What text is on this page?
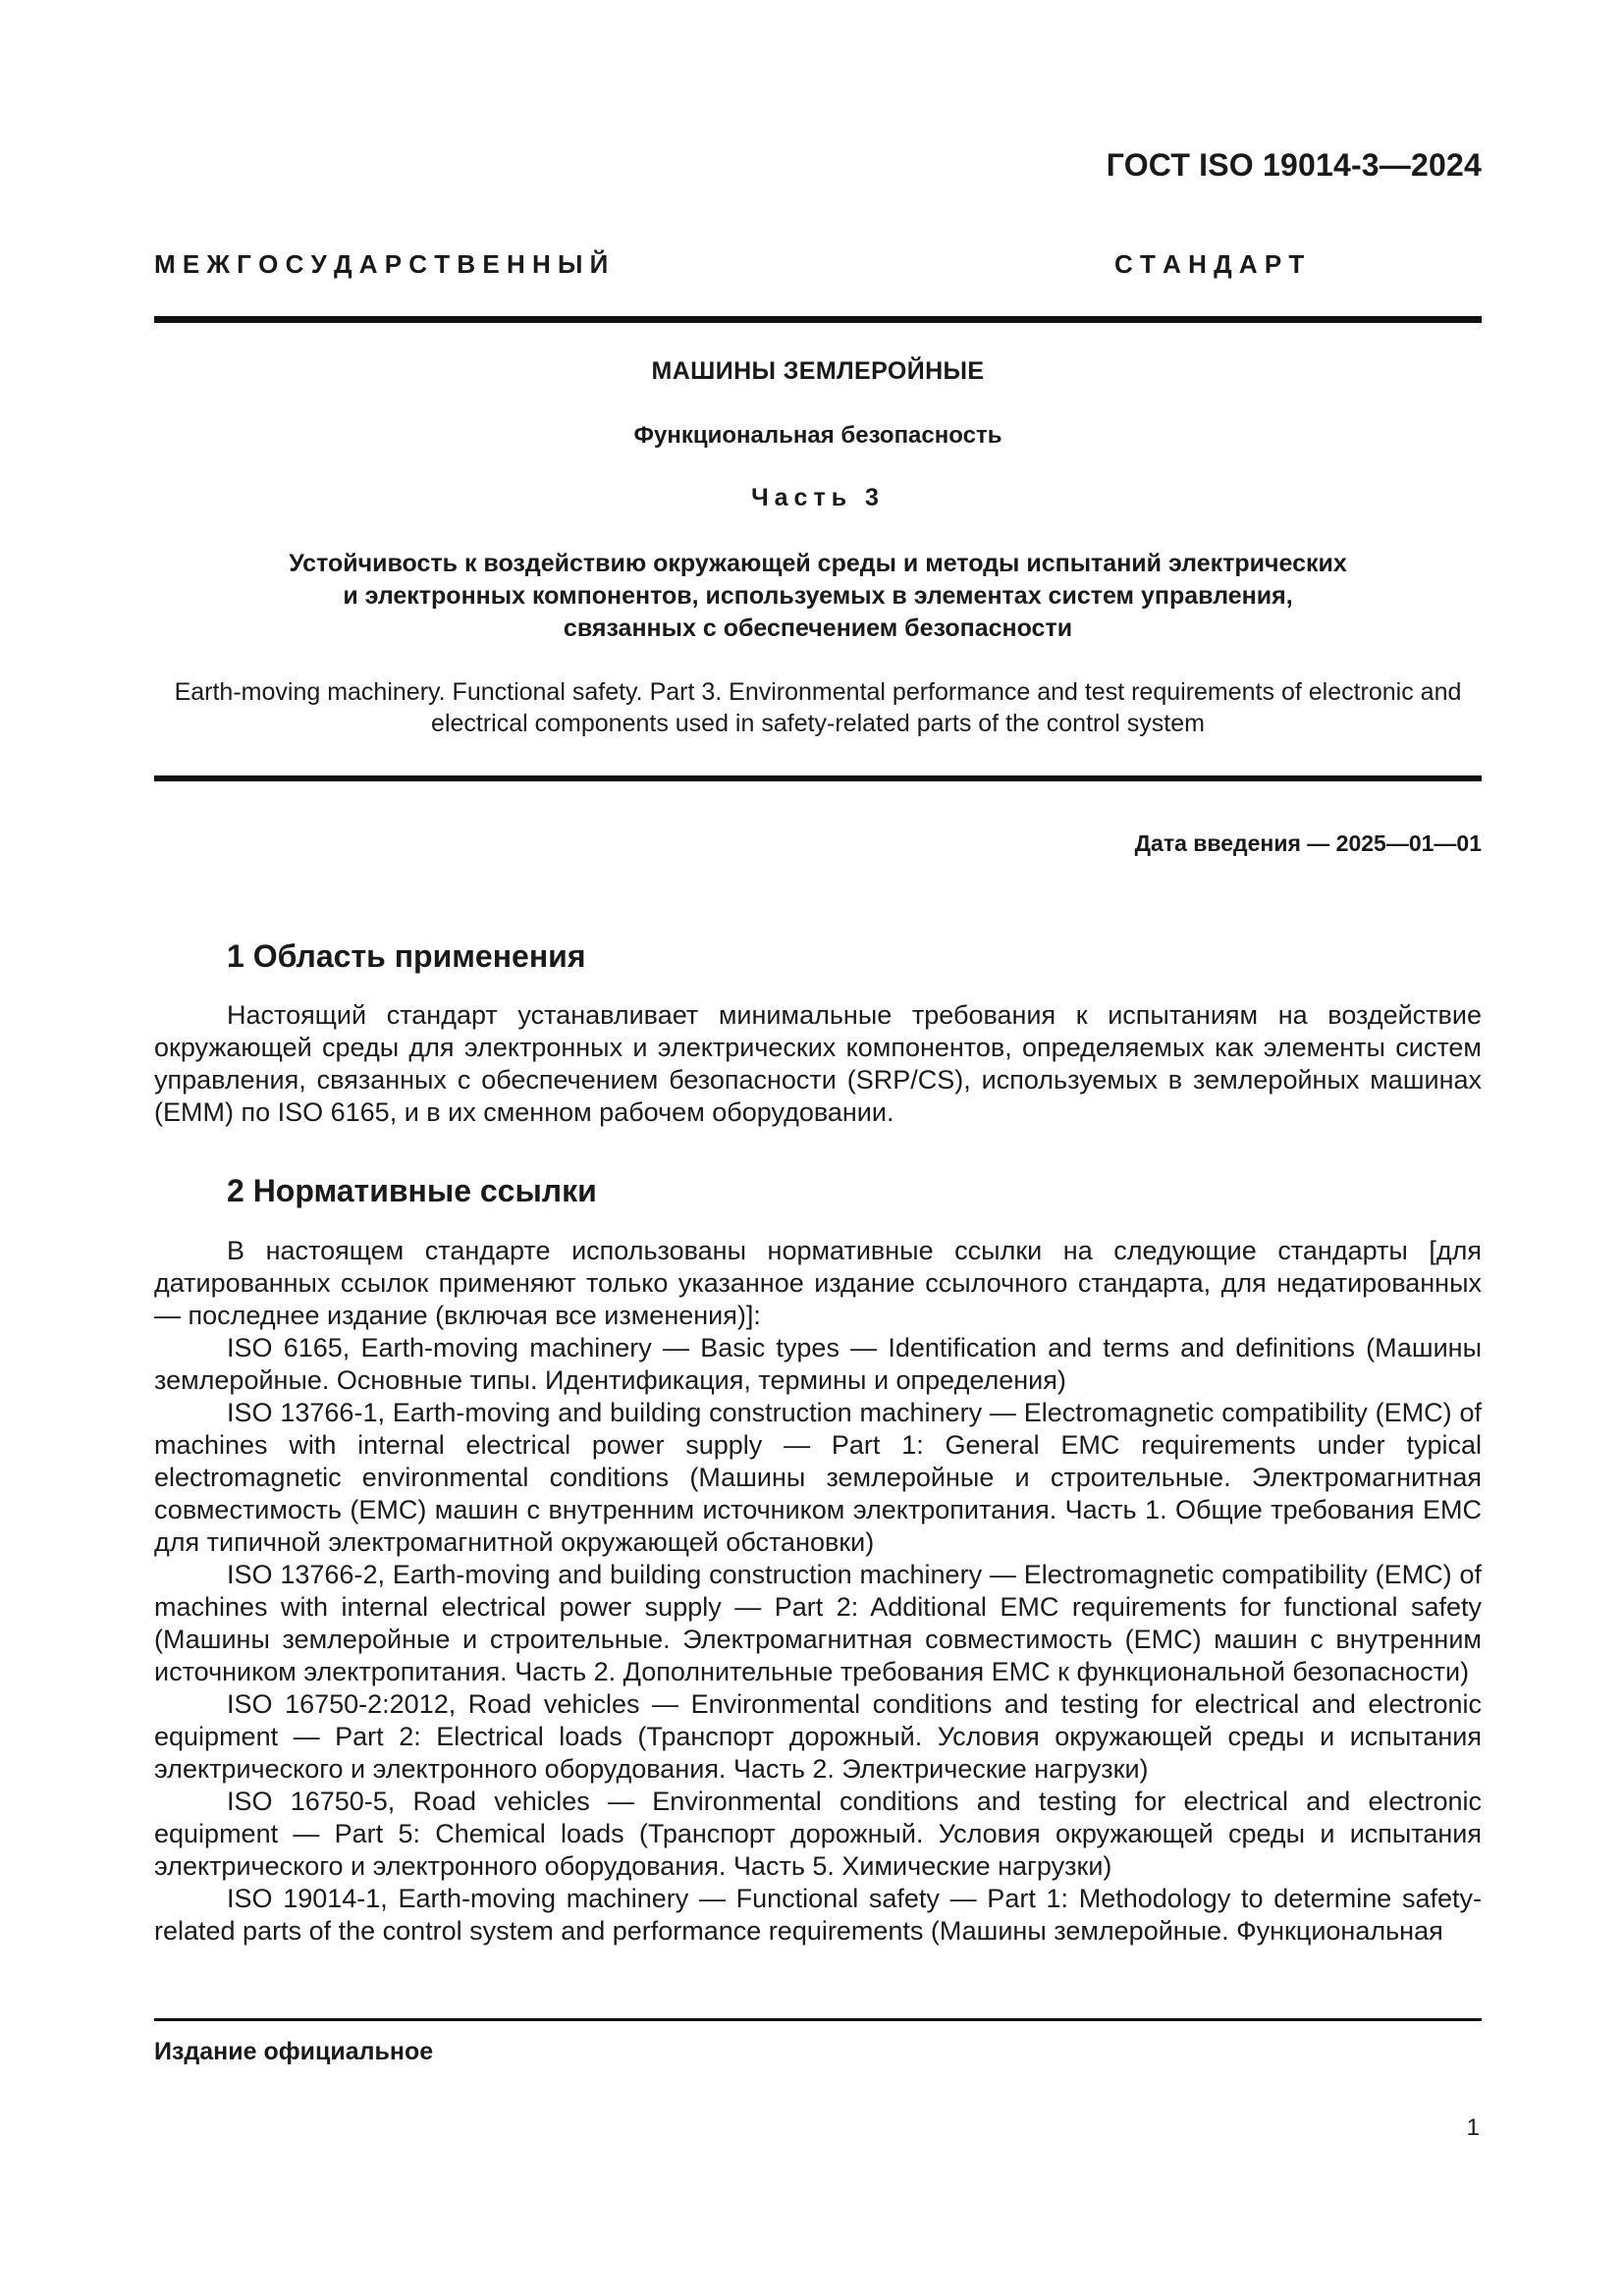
ГОСТ ISO 19014-3—2024
М Е Ж Г О С У Д А Р С Т В Е Н Н Ы Й	С Т А Н Д А Р Т
МАШИНЫ ЗЕМЛЕРОЙНЫЕ
Функциональная безопасность
Часть 3
Устойчивость к воздействию окружающей среды и методы испытаний электрических
и электронных компонентов, используемых в элементах систем управления,
связанных с обеспечением безопасности
Earth-moving machinery. Functional safety. Part 3. Environmental performance and test requirements of electronic and
electrical components used in safety-related parts of the control system
Дата введения — 2025—01—01
1 Область применения

Настоящий стандарт устанавливает минимальные требования к испытаниям на воздействие окружающей среды для электронных и электрических компонентов, определяемых как элементы систем управления, связанных с обеспечением безопасности (SRP/CS), используемых в землеройных машинах (EMM) по ISO 6165, и в их сменном рабочем оборудовании.

2 Нормативные ссылки

В настоящем стандарте использованы нормативные ссылки на следующие стандарты [для датированных ссылок применяют только указанное издание ссылочного стандарта, для недатированных — последнее издание (включая все изменения)]:

ISO 6165, Earth-moving machinery — Basic types — Identification and terms and definitions (Машины землеройные. Основные типы. Идентификация, термины и определения)

ISO 13766-1, Earth-moving and building construction machinery — Electromagnetic compatibility (EMC) of machines with internal electrical power supply — Part 1: General EMC requirements under typical electromagnetic environmental conditions (Машины землеройные и строительные. Электромагнитная совместимость (ЕМС) машин с внутренним источником электропитания. Часть 1. Общие требования ЕМС для типичной электромагнитной окружающей обстановки)

ISO 13766-2, Earth-moving and building construction machinery — Electromagnetic compatibility (EMC) of machines with internal electrical power supply — Part 2: Additional EMC requirements for functional safety (Машины землеройные и строительные. Электромагнитная совместимость (ЕМС) машин с внутренним источником электропитания. Часть 2. Дополнительные требования ЕМС к функциональной безопасности)

ISO 16750-2:2012, Road vehicles — Environmental conditions and testing for electrical and electronic equipment — Part 2: Electrical loads (Транспорт дорожный. Условия окружающей среды и испытания электрического и электронного оборудования. Часть 2. Электрические нагрузки)

ISO 16750-5, Road vehicles — Environmental conditions and testing for electrical and electronic equipment — Part 5: Chemical loads (Транспорт дорожный. Условия окружающей среды и испытания электрического и электронного оборудования. Часть 5. Химические нагрузки)

ISO 19014-1, Earth-moving machinery — Functional safety — Part 1: Methodology to determine safety-related parts of the control system and performance requirements (Машины землеройные. Функциональная

Издание официальное
1
